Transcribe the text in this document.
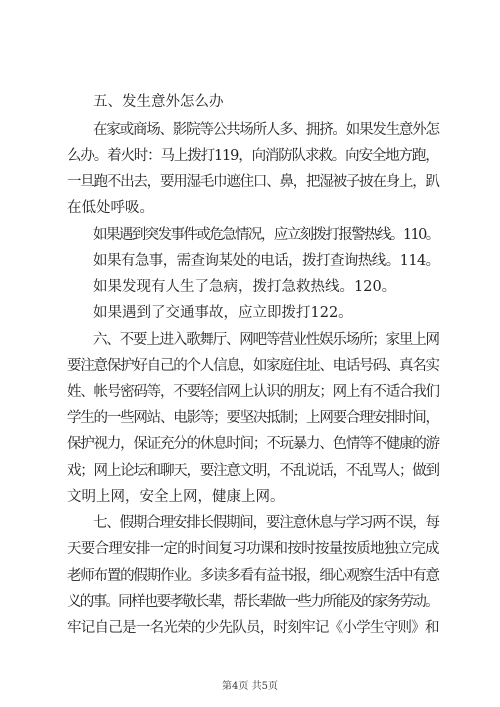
五、发生意外怎么办

在家或商场、影院等公共场所人多、拥挤。如果发生意外怎

么办。着火时：马上拨打119，向消防队求救。向安全地方跑，

一旦跑不出去，要用湿毛巾遮住口、鼻，把湿被子披在身上，趴

在低处呼吸。

如果遇到突发事件或危急情况，应立刻拨打报警热线。110。

如果有急事，需查询某处的电话，拨打查询热线。114。

如果发现有人生了急病，拨打急救热线。120。

如果遇到了交通事故，应立即拨打122。

六、不要上进入歌舞厅、网吧等营业性娱乐场所；家里上网

要注意保护好自己的个人信息，如家庭住址、电话号码、真名实

姓、帐号密码等，不要轻信网上认识的朋友；网上有不适合我们

学生的一些网站、电影等；要坚决抵制；上网要合理安排时间，

保护视力，保证充分的休息时间；不玩暴力、色情等不健康的游

戏；网上论坛和聊天，要注意文明，不乱说话，不乱骂人；做到

文明上网，安全上网，健康上网。

七、假期合理安排长假期间，要注意休息与学习两不误，每

天要合理安排一定的时间复习功课和按时按量按质地独立完成

老师布置的假期作业。多读多看有益书报，细心观察生活中有意

义的事。同样也要孝敬长辈，帮长辈做一些力所能及的家务劳动。

牢记自己是一名光荣的少先队员，时刻牢记《小学生守则》和

第4页 共5页
